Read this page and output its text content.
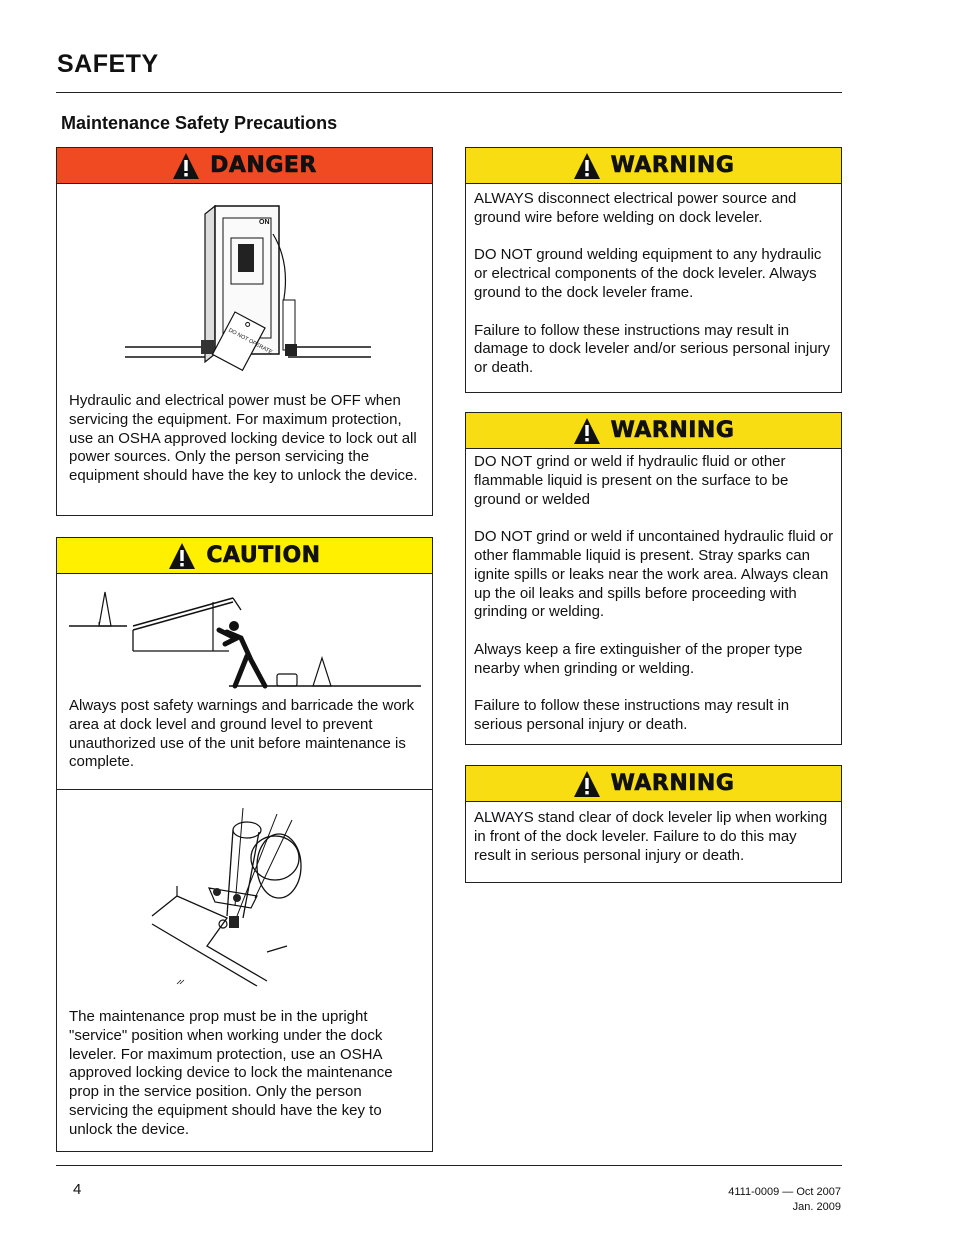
SAFETY
Maintenance Safety Precautions
DANGER
ON
DO NOT OPERATE
Hydraulic and electrical power must be OFF when servicing the equipment. For maximum protection, use an OSHA approved locking device to lock out all power sources. Only the person servicing the equipment should have the key to unlock the device.
CAUTION
Always post safety warnings and barricade the work area at dock level and ground level to prevent unauthorized use of the unit before maintenance is complete.
The maintenance prop must be in the upright "service" position when working under the dock leveler. For maximum protection, use an OSHA approved locking device to lock the maintenance prop in the service position. Only the person servicing the equipment should have the key to unlock the device.
WARNING
ALWAYS disconnect electrical power source and ground wire before welding on dock leveler.

DO NOT ground welding equipment to any hydraulic or electrical components of the dock leveler. Always ground to the dock leveler frame.

Failure to follow these instructions may result in damage to dock leveler and/or serious personal injury or death.
WARNING
DO NOT grind or weld if hydraulic fluid or other flammable liquid is present on the surface to be ground or welded

DO NOT grind or weld if uncontained hydraulic fluid or other flammable liquid is present. Stray sparks can ignite spills or leaks near the work area. Always clean up the oil leaks and spills before proceeding with grinding or welding.

Always keep a fire extinguisher of the proper type nearby when grinding or welding.

Failure to follow these instructions may result in serious personal injury or death.
WARNING
ALWAYS stand clear of dock leveler lip when working in front of the dock leveler. Failure to do this may result in serious personal injury or death.
4	4111-0009 — Oct 2007
Jan. 2009
